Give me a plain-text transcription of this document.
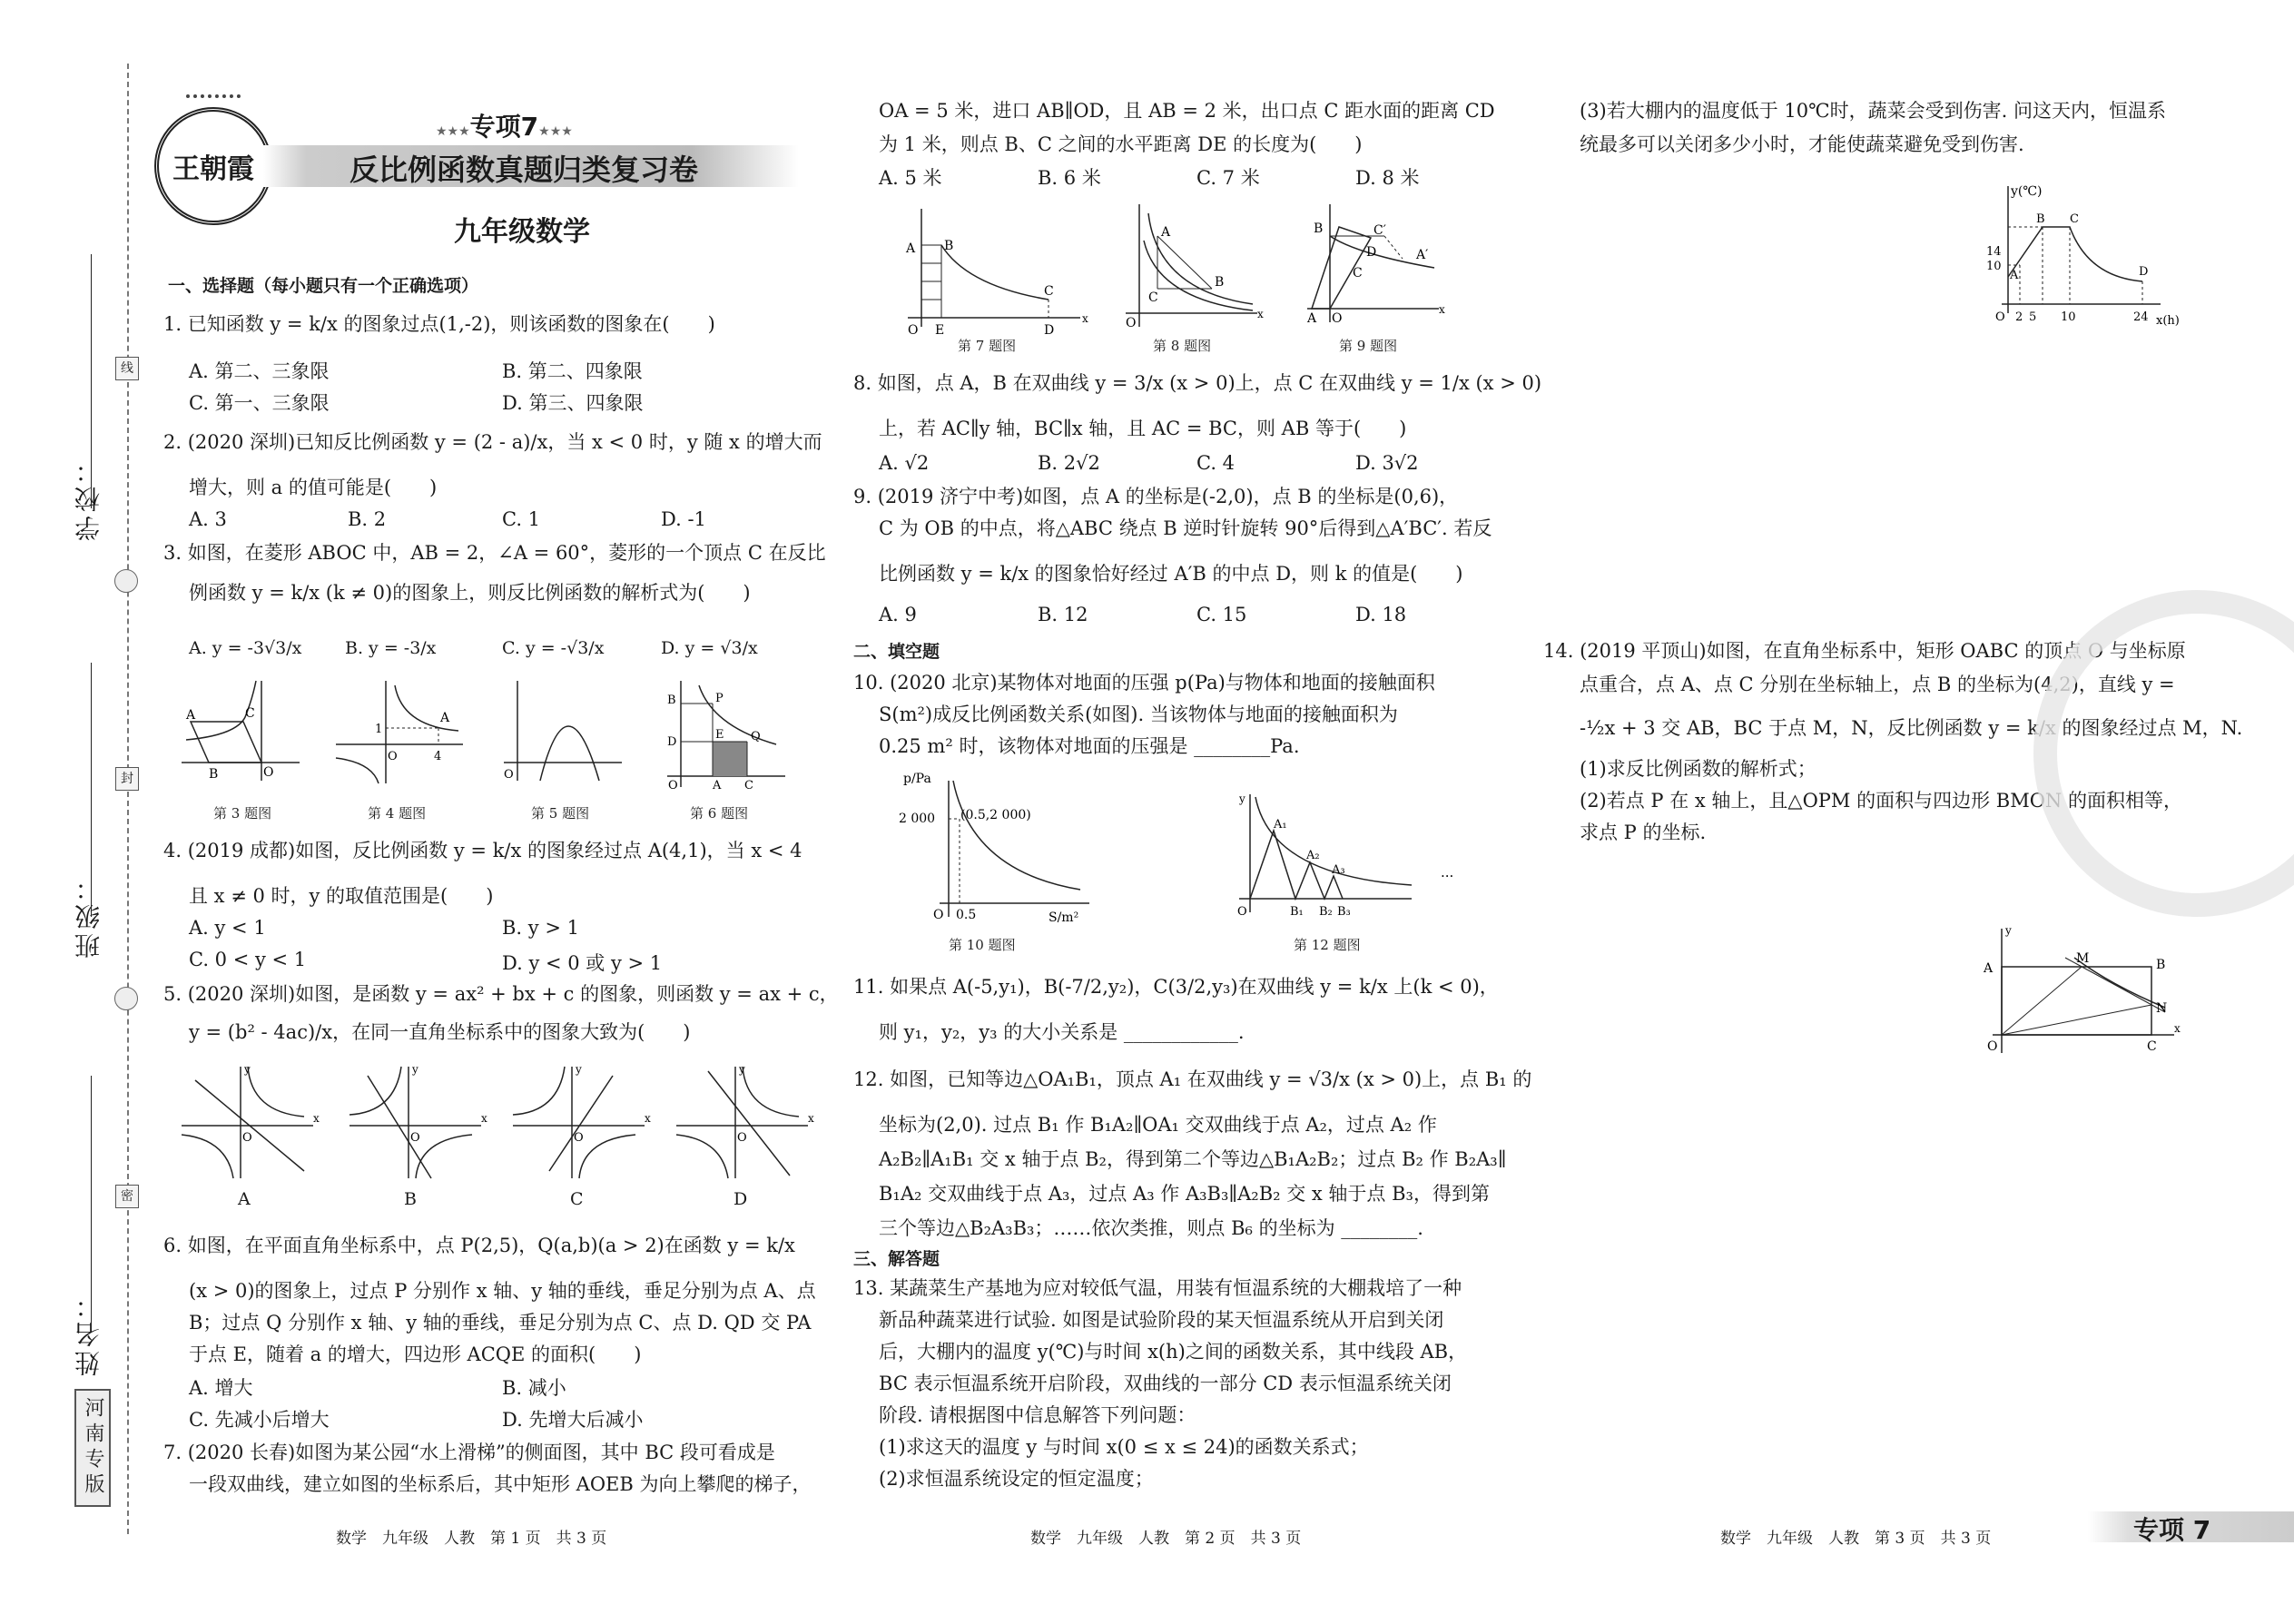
线
封
密
学校：
班级：
姓名：
河南专版
王朝霞
★★★专项7★★★
反比例函数真题归类复习卷
九年级数学
一、选择题（每小题只有一个正确选项）

1. 已知函数 y = k/x 的图象过点(1,-2)，则该函数的图象在(　　)

A. 第二、三象限	B. 第二、四象限
C. 第一、三象限	D. 第三、四象限

2. (2020 深圳)已知反比例函数 y = (2 - a)/x，当 x < 0 时，y 随 x 的增大而

增大，则 a 的值可能是(　　)

A. 3	B. 2	C. 1	D. -1

3. 如图，在菱形 ABOC 中，AB = 2，∠A = 60°，菱形的一个顶点 C 在反比

例函数 y = k/x (k ≠ 0)的图象上，则反比例函数的解析式为(　　)

A. y = -3√3/x	B. y = -3/x	C. y = -√3/x	D. y = √3/x
A	C
B	O
A
1
4
O
O
B	P
D
E Q
O	A C
第 3 题图	第 4 题图	第 5 题图	第 6 题图

4. (2019 成都)如图，反比例函数 y = k/x 的图象经过点 A(4,1)，当 x < 4

且 x ≠ 0 时，y 的取值范围是(　　)

A. y < 1	B. y > 1
C. 0 < y < 1	D. y < 0 或 y > 1

5. (2020 深圳)如图，是函数 y = ax² + bx + c 的图象，则函数 y = ax + c，

y = (b² - 4ac)/x，在同一直角坐标系中的图象大致为(　　)

O
x
y
O
x
y
O
x
y
O
x
y
A	B	C	D

6. 如图，在平面直角坐标系中，点 P(2,5)，Q(a,b)(a > 2)在函数 y = k/x

(x > 0)的图象上，过点 P 分别作 x 轴、y 轴的垂线，垂足分别为点 A、点

B；过点 Q 分别作 x 轴、y 轴的垂线，垂足分别为点 C、点 D. QD 交 PA

于点 E，随着 a 的增大，四边形 ACQE 的面积(　　)

A. 增大	B. 减小
C. 先减小后增大	D. 先增大后减小

7. (2020 长春)如图为某公园“水上滑梯”的侧面图，其中 BC 段可看成是

一段双曲线，建立如图的坐标系后，其中矩形 AOEB 为向上攀爬的梯子，

数学　九年级　人教　第 1 页　共 3 页

OA = 5 米，进口 AB∥OD，且 AB = 2 米，出口点 C 距水面的距离 CD

为 1 米，则点 B、C 之间的水平距离 DE 的长度为(　　)

A. 5 米	B. 6 米	C. 7 米	D. 8 米
A B
C
O E	D
x
A
B
C
O
x
B	C′
D
C
A′
A O
x
第 7 题图	第 8 题图	第 9 题图

8. 如图，点 A，B 在双曲线 y = 3/x (x > 0)上，点 C 在双曲线 y = 1/x (x > 0)

上，若 AC∥y 轴，BC∥x 轴，且 AC = BC，则 AB 等于(　　)

A. √2	B. 2√2	C. 4	D. 3√2

9. (2019 济宁中考)如图，点 A 的坐标是(-2,0)，点 B 的坐标是(0,6)，

C 为 OB 的中点，将△ABC 绕点 B 逆时针旋转 90°后得到△A′BC′. 若反

比例函数 y = k/x 的图象恰好经过 A′B 的中点 D，则 k 的值是(　　)

A. 9	B. 12	C. 15	D. 18
二、填空题

10. (2020 北京)某物体对地面的压强 p(Pa)与物体和地面的接触面积

S(m²)成反比例函数关系(如图). 当该物体与地面的接触面积为

0.25 m² 时，该物体对地面的压强是 ________Pa.

p/Pa
2 000 (0.5,2 000)
0.5
O	S/m²
A₁
A₂
A₃
B₁ B₂ B₃
O
y
...
第 10 题图	第 12 题图

11. 如果点 A(-5,y₁)，B(-7/2,y₂)，C(3/2,y₃)在双曲线 y = k/x 上(k < 0)，

则 y₁，y₂，y₃ 的大小关系是 ____________.

12. 如图，已知等边△OA₁B₁，顶点 A₁ 在双曲线 y = √3/x (x > 0)上，点 B₁ 的

坐标为(2,0). 过点 B₁ 作 B₁A₂∥OA₁ 交双曲线于点 A₂，过点 A₂ 作

A₂B₂∥A₁B₁ 交 x 轴于点 B₂，得到第二个等边△B₁A₂B₂；过点 B₂ 作 B₂A₃∥

B₁A₂ 交双曲线于点 A₃，过点 A₃ 作 A₃B₃∥A₂B₂ 交 x 轴于点 B₃，得到第

三个等边△B₂A₃B₃；……依次类推，则点 B₆ 的坐标为 ________.

三、解答题

13. 某蔬菜生产基地为应对较低气温，用装有恒温系统的大棚栽培了一种

新品种蔬菜进行试验. 如图是试验阶段的某天恒温系统从开启到关闭

后，大棚内的温度 y(℃)与时间 x(h)之间的函数关系，其中线段 AB，

BC 表示恒温系统开启阶段，双曲线的一部分 CD 表示恒温系统关闭

阶段. 请根据图中信息解答下列问题：

(1)求这天的温度 y 与时间 x(0 ≤ x ≤ 24)的函数关系式；

(2)求恒温系统设定的恒定温度；

数学　九年级　人教　第 2 页　共 3 页

(3)若大棚内的温度低于 10℃时，蔬菜会受到伤害. 问这天内，恒温系

统最多可以关闭多少小时，才能使蔬菜避免受到伤害.

y(℃)
14
10
A
B C
D
O 2 5 10	24 x(h)

14. (2019 平顶山)如图，在直角坐标系中，矩形 OABC 的顶点 O 与坐标原

点重合，点 A、点 C 分别在坐标轴上，点 B 的坐标为(4,2)，直线 y =

-½x + 3 交 AB，BC 于点 M，N，反比例函数 y = k/x 的图象经过点 M，N.

(1)求反比例函数的解析式；

(2)若点 P 在 x 轴上，且△OPM 的面积与四边形 BMON 的面积相等，

求点 P 的坐标.

A
M	B
N
O	C
y
x
数学　九年级　人教　第 3 页　共 3 页	专项 7
